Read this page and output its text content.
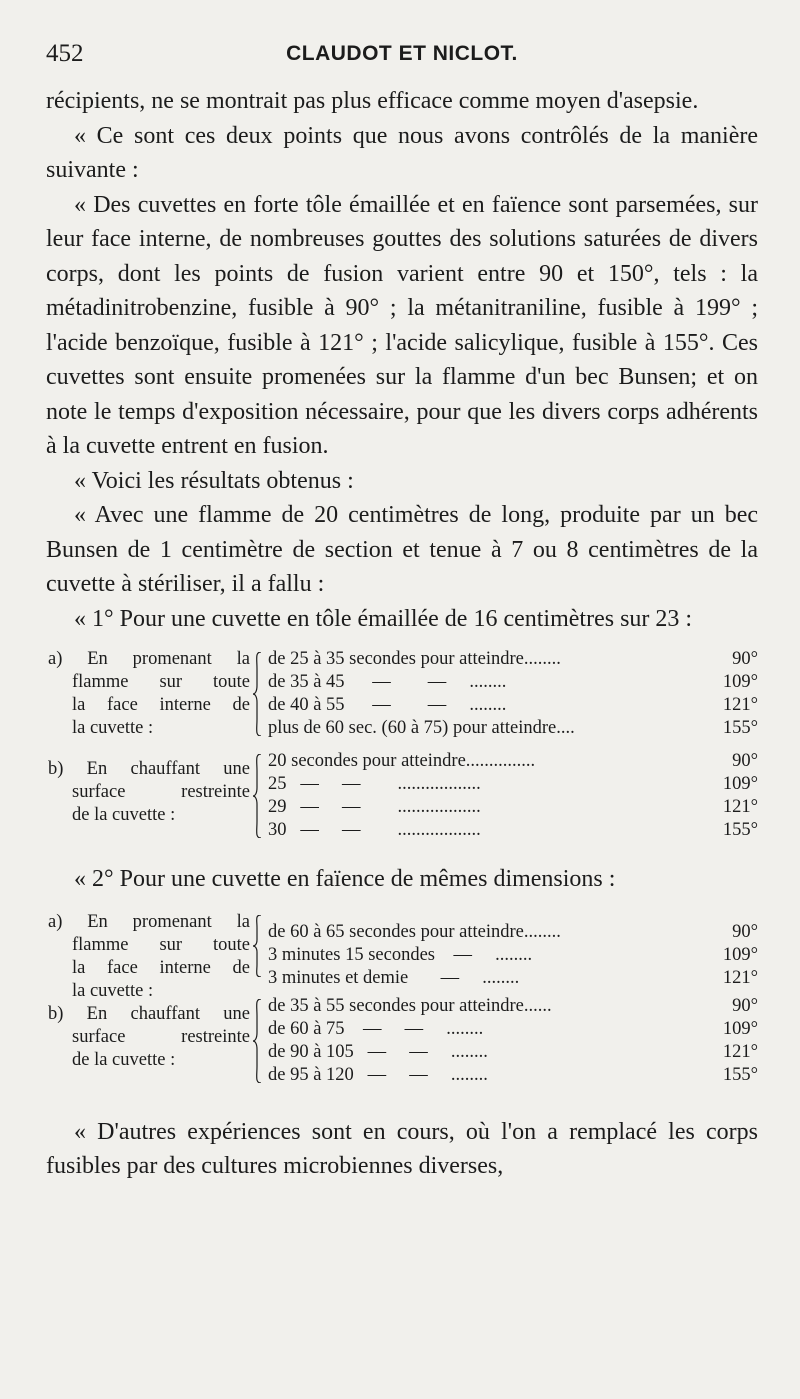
452	CLAUDOT ET NICLOT.

récipients, ne se montrait pas plus efficace comme moyen d'asepsie.

« Ce sont ces deux points que nous avons contrôlés de la manière suivante :

« Des cuvettes en forte tôle émaillée et en faïence sont parsemées, sur leur face interne, de nombreuses gouttes des solutions saturées de divers corps, dont les points de fusion varient entre 90 et 150°, tels : la métadinitrobenzine, fusible à 90° ; la métanitraniline, fusible à 199° ; l'acide benzoïque, fusible à 121° ; l'acide salicylique, fusible à 155°. Ces cuvettes sont ensuite promenées sur la flamme d'un bec Bunsen; et on note le temps d'exposition nécessaire, pour que les divers corps adhérents à la cuvette entrent en fusion.

« Voici les résultats obtenus :

« Avec une flamme de 20 centimètres de long, produite par un bec Bunsen de 1 centimètre de section et tenue à 7 ou 8 centimètres de la cuvette à stériliser, il a fallu :

« 1° Pour une cuvette en tôle émaillée de 16 centimètres sur 23 :

a) En promenant la
flamme sur toute
la face interne de
la cuvette :
de 25 à 35 secondes pour atteindre........	90°
de 35 à 45      —        —     ........	109°
de 40 à 55      —        —     ........	121°
plus de 60 sec. (60 à 75) pour atteindre....	155°
b) En chauffant une
surface restreinte
de la cuvette :
20 secondes pour atteindre...............	90°
25   —     —        ..................	109°
29   —     —        ..................	121°
30   —     —        ..................	155°

« 2° Pour une cuvette en faïence de mêmes dimensions :

a) En promenant la
flamme sur toute
la face interne de
la cuvette :
de 60 à 65 secondes pour atteindre........	90°
3 minutes 15 secondes    —     ........	109°
3 minutes et demie       —     ........	121°
b) En chauffant une
surface restreinte
de la cuvette :
de 35 à 55 secondes pour atteindre......	90°
de 60 à 75    —     —     ........	109°
de 90 à 105   —     —     ........	121°
de 95 à 120   —     —     ........	155°

« D'autres expériences sont en cours, où l'on a remplacé les corps fusibles par des cultures microbiennes diverses,
